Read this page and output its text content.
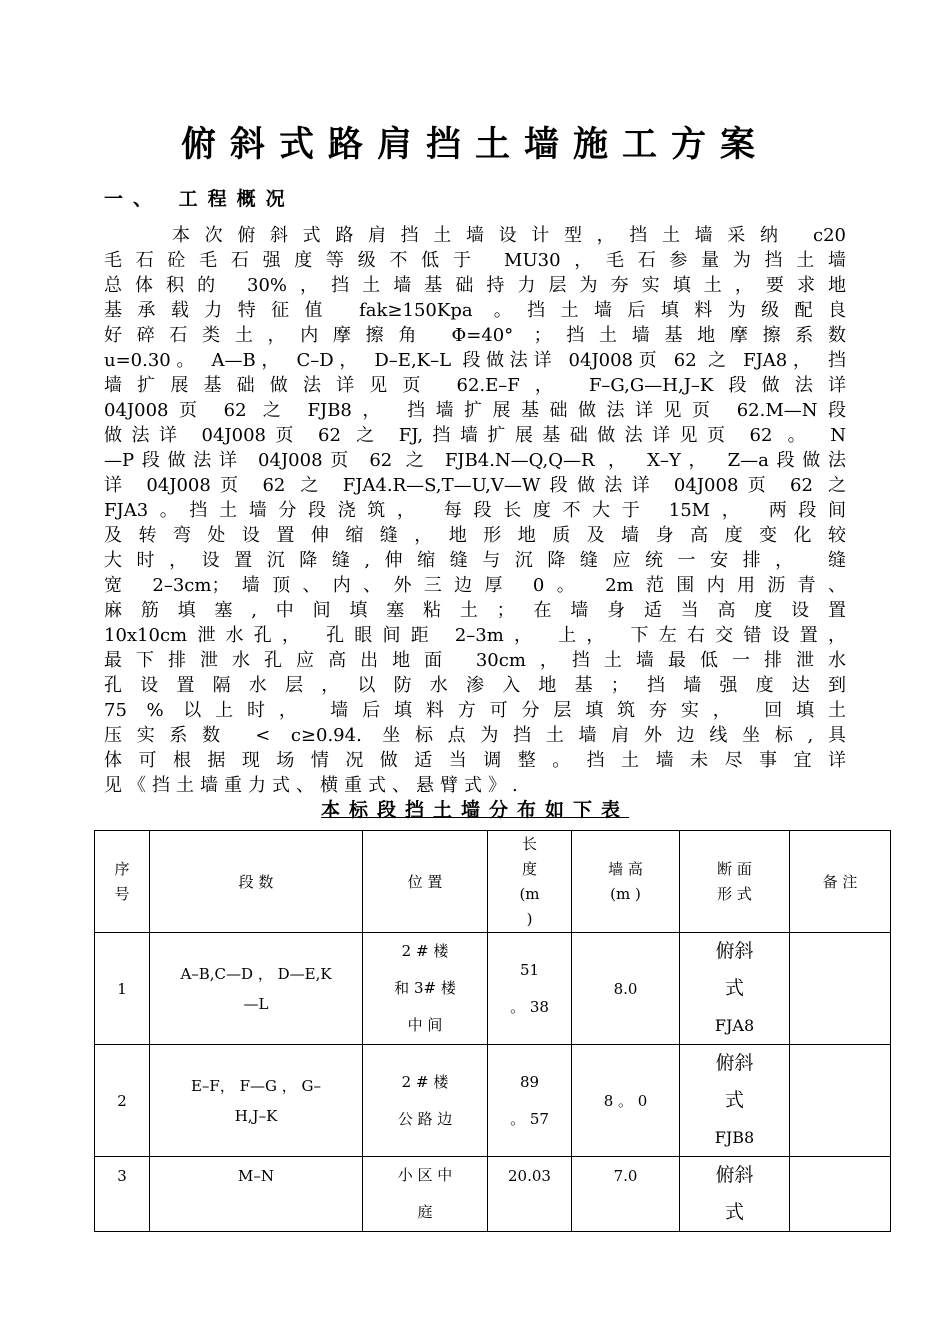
俯斜式路肩挡土墙施工方案
一、 工程概况
本次俯斜式路肩挡土墙设计型，挡土墙采纳 c20
毛石砼毛石强度等级不低于 MU30，毛石参量为挡土墙
总体积的 30%，挡土墙基础持力层为夯实填土，要求地
基承载力特征值 fak≥150Kpa 。挡土墙后填料为级配良
好碎石类土，内摩擦角 Φ=40° ；挡土墙基地摩擦系数
u=0.30。 A—B， C–D， D–E,K–L 段做法详 04J008页 62 之 FJA8， 挡
墙扩展基础做法详见页 62.E–F， F–G,G—H,J–K段做法详
04J008页 62 之 FJB8， 挡墙扩展基础做法详见页 62.M—N段
做法详 04J008页 62 之 FJ,挡墙扩展基础做法详见页 62 。 N
—P段做法详 04J008页 62 之 FJB4.N—Q,Q—R ， X–Y， Z—a段做法
详 04J008页 62 之 FJA4.R—S,T—U,V—W段做法详 04J008页 62 之
FJA3。挡土墙分段浇筑， 每段长度不大于 15M， 两段间
及转弯处设置伸缩缝，地形地质及墙身高度变化较
大时，设置沉降缝,伸缩缝与沉降缝应统一安排， 缝
宽 2–3cm；墙顶、内、外三边厚 0。 2m范围内用沥青、
麻筋填塞,中间填塞粘土；在墙身适当高度设置
10x10cm泄水孔， 孔眼间距 2–3m， 上， 下左右交错设置，
最下排泄水孔应高出地面 30cm，挡土墙最低一排泄水
孔设置隔水层，以防水渗入地基；挡墙强度达到
75 % 以上时， 墙后填料方可分层填筑夯实， 回填土
压实系数 < c≥0.94. 坐标点为挡土墙肩外边线坐标,具
体可根据现场情况做适当调整。挡土墙未尽事宜详
见《挡土墙重力式、横重式、悬臂式》.
本标段挡土墙分布如下表
序
号	段 数	位 置	长
度
(m
)	墙 高
(m )	断 面
形 式	备 注
1	A–B,C—D ， D—E,K
—L	2 # 楼
和 3# 楼
中 间	51
。 38	8.0	俯斜
式
FJA8	

2	E–F， F—G ， G–
H,J–K	2 # 楼
公 路 边	89
。 57	8 。 0	俯斜
式
FJB8	

3	M–N	小 区 中
庭	20.03	7.0	俯斜
式	
